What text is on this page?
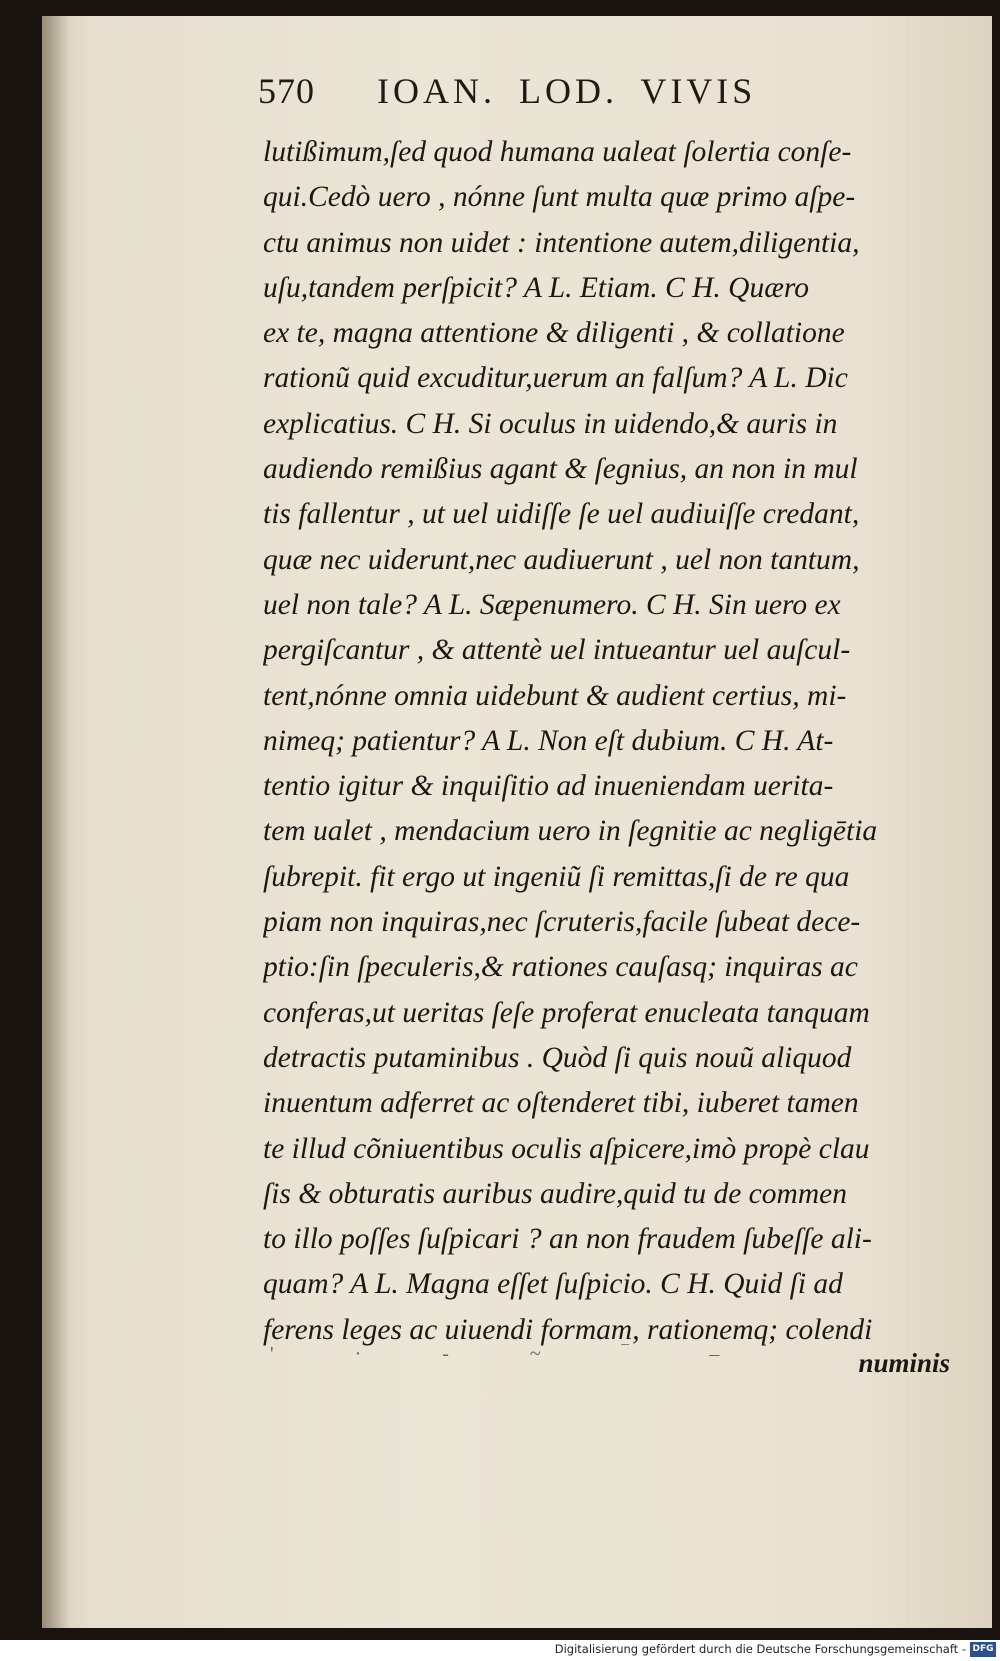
570 IOAN. LOD. VIVIS
lutißimum,ſed quod humana ualeat ſolertia conſe-
qui.Cedò uero , nónne ſunt multa quæ primo aſpe-
ctu animus non uidet : intentione autem,diligentia,
uſu,tandem perſpicit? A L. Etiam. C H. Quæro
ex te, magna attentione & diligenti , & collatione
rationũ quid excuditur,uerum an falſum? A L. Dic
explicatius. C H. Si oculus in uidendo,& auris in
audiendo remißius agant & ſegnius, an non in mul
tis fallentur , ut uel uidiſſe ſe uel audiuiſſe credant,
quæ nec uiderunt,nec audiuerunt , uel non tantum,
uel non tale? A L. Sæpenumero. C H. Sin uero ex
pergiſcantur , & attentè uel intueantur uel auſcul-
tent,nónne omnia uidebunt & audient certius, mi-
nimeq; patientur? A L. Non eſt dubium. C H. At-
tentio igitur & inquiſitio ad inueniendam uerita-
tem ualet , mendacium uero in ſegnitie ac negligētia
ſubrepit. fit ergo ut ingeniũ ſi remittas,ſi de re qua
piam non inquiras,nec ſcruteris,facile ſubeat dece-
ptio:ſin ſpeculeris,& rationes cauſasq; inquiras ac
conferas,ut ueritas ſeſe proferat enucleata tanquam
detractis putaminibus . Quòd ſi quis nouũ aliquod
inuentum adferret ac oſtenderet tibi, iuberet tamen
te illud cõniuentibus oculis aſpicere,imò propè clau
ſis & obturatis auribus audire,quid tu de commen
to illo poſſes ſuſpicari ? an non fraudem ſubeſſe ali-
quam? A L. Magna eſſet ſuſpicio. C H. Quid ſi ad
ferens leges ac uiuendi formam, rationemq; colendi
' · - ~ ‾ –	numinis
Digitalisierung gefördert durch die Deutsche Forschungsgemeinschaft - DFG
